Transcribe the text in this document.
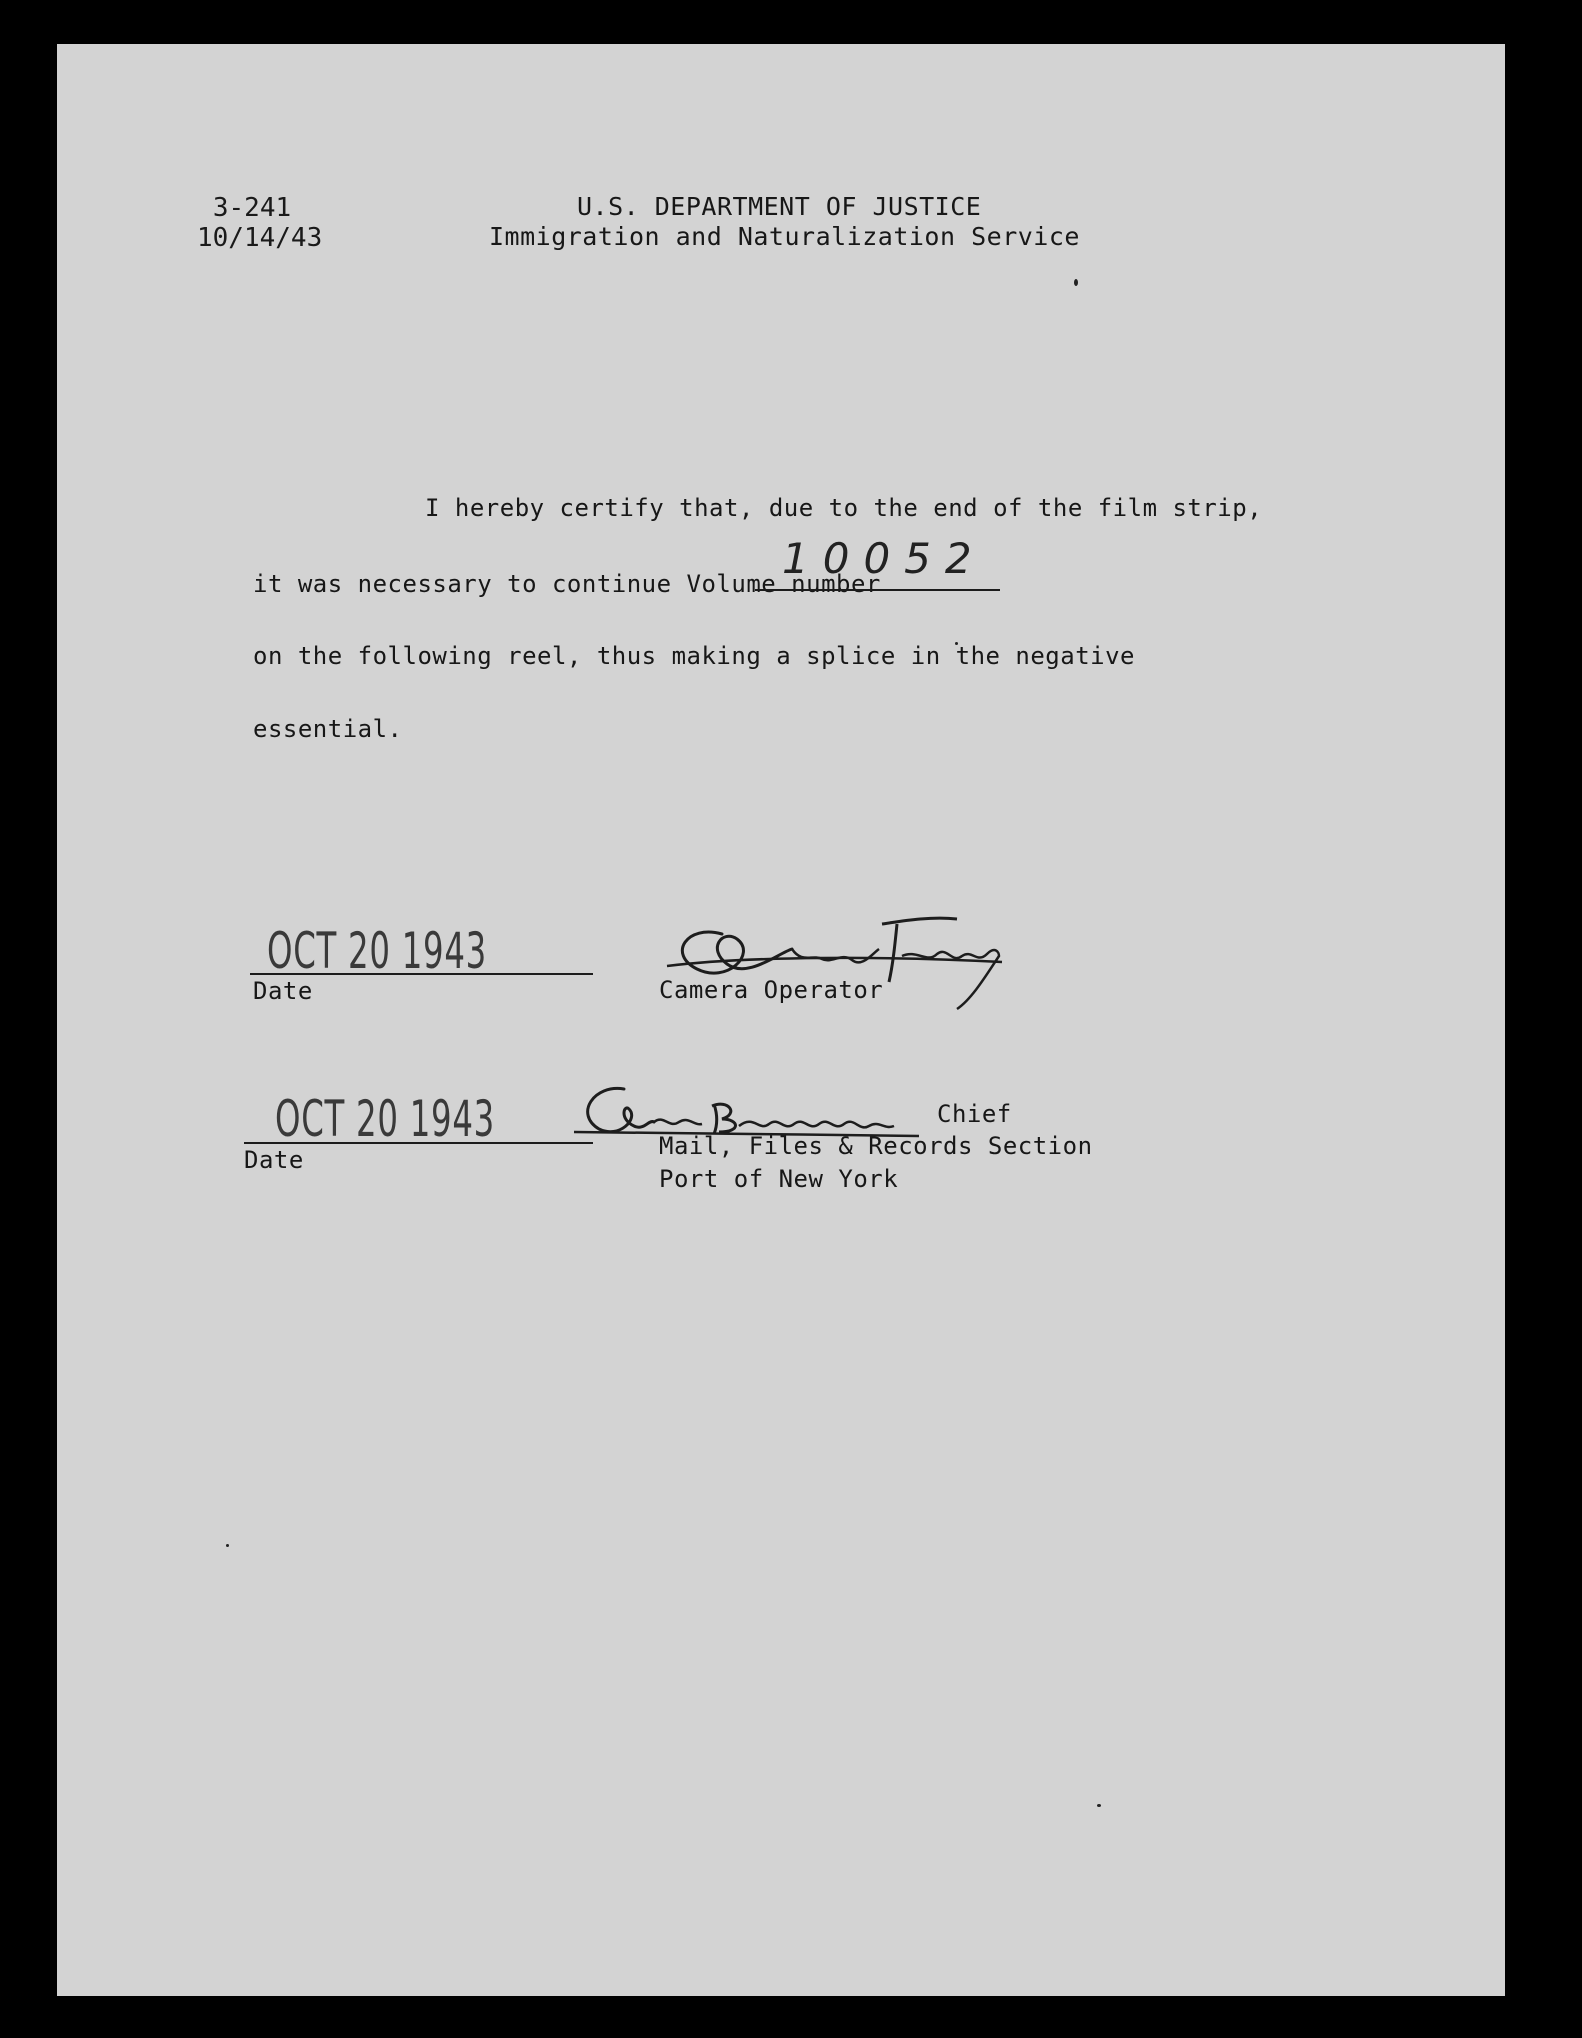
3-241
10/14/43
U.S. DEPARTMENT OF JUSTICE
Immigration and Naturalization Service
I hereby certify that, due to the end of the film strip,
it was necessary to continue Volume number
10052
on the following reel, thus making a splice in the negative
essential.
OCT 20 1943
Date	Camera Operator
OCT 20 1943
Date
Chief
Mail, Files & Records Section
Port of New York
